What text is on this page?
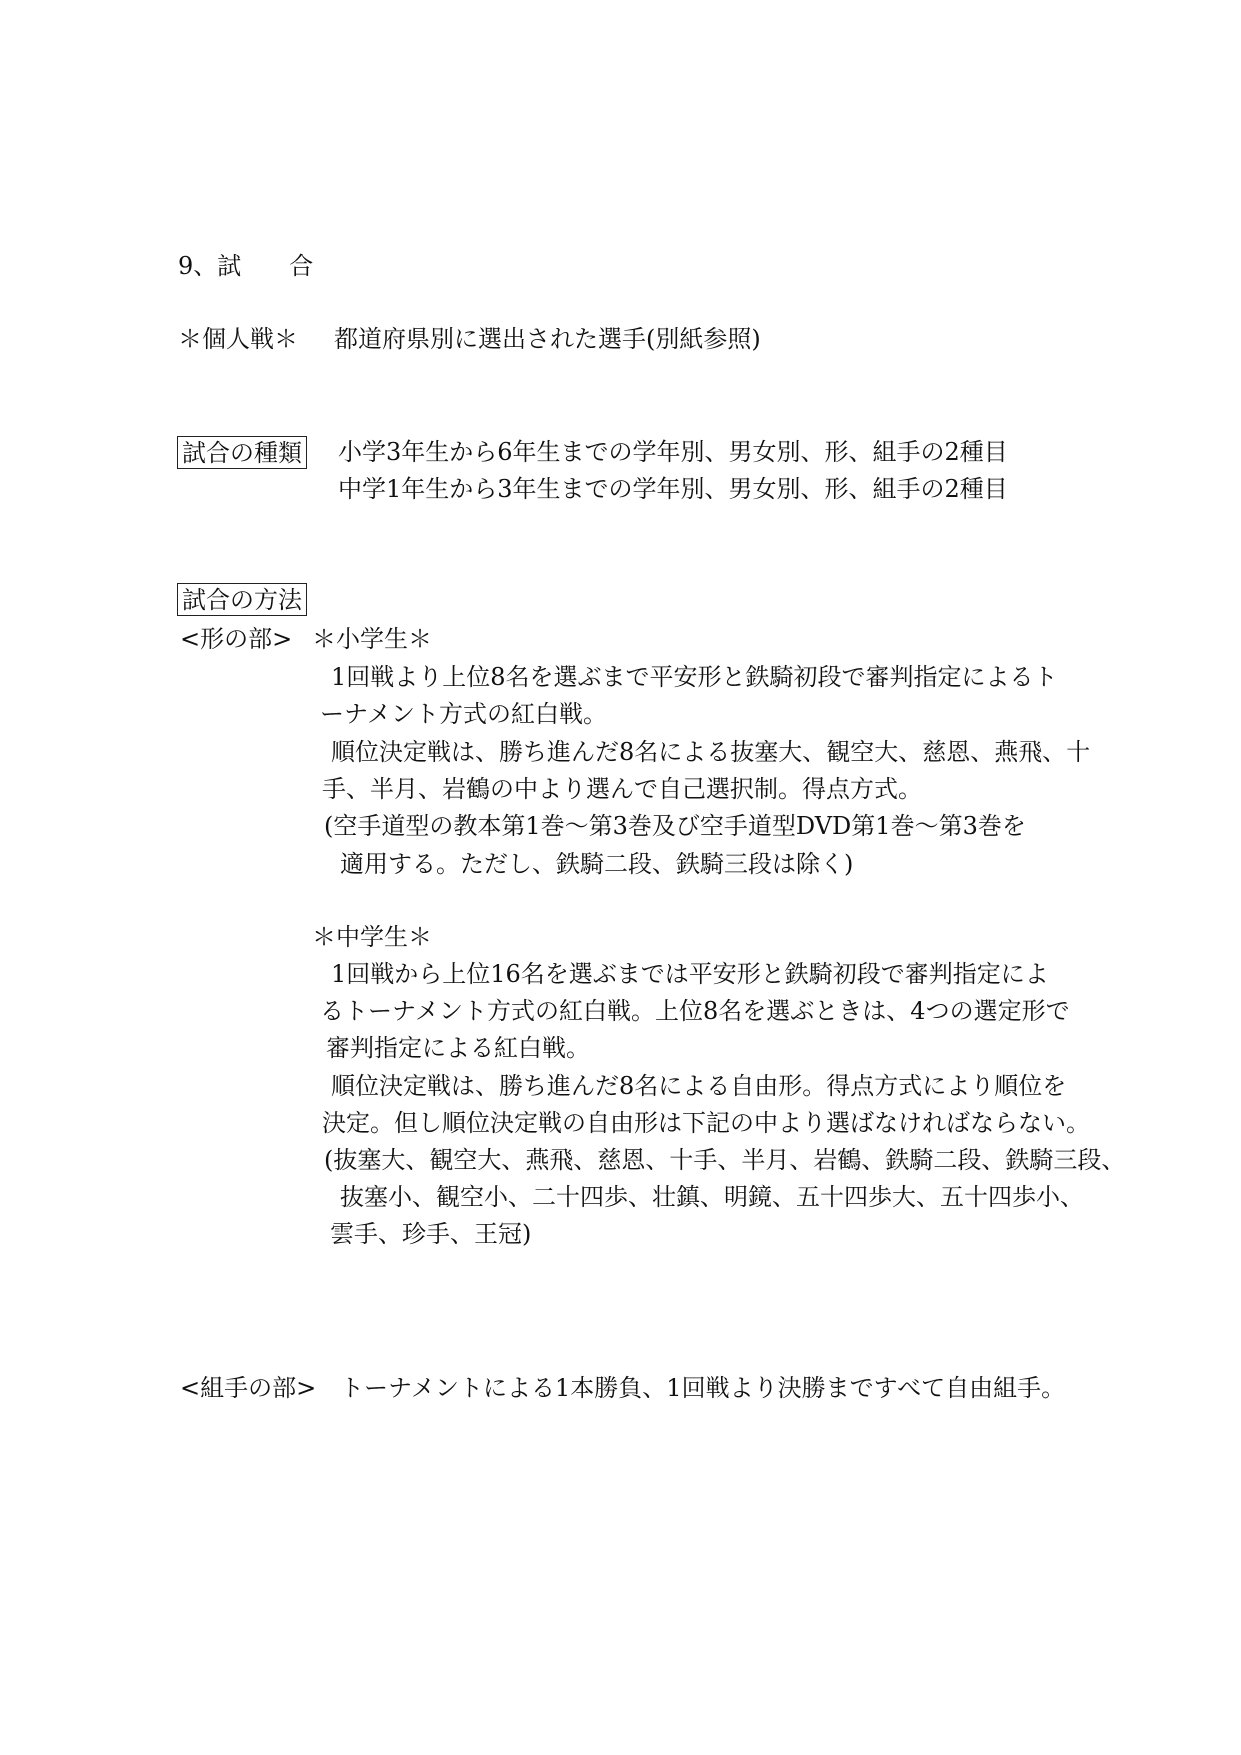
9、試　　合
＊個人戦＊ 都道府県別に選出された選手(別紙参照)
試合の種類 小学3年生から6年生までの学年別、男女別、形、組手の2種目
中学1年生から3年生までの学年別、男女別、形、組手の2種目
試合の方法
<形の部> ＊小学生＊
1回戦より上位8名を選ぶまで平安形と鉄騎初段で審判指定によるト
ーナメント方式の紅白戦。
順位決定戦は、勝ち進んだ8名による抜塞大、観空大、慈恩、燕飛、十
手、半月、岩鶴の中より選んで自己選択制。得点方式。
(空手道型の教本第1巻～第3巻及び空手道型DVD第1巻～第3巻を
適用する。ただし、鉄騎二段、鉄騎三段は除く)
＊中学生＊
1回戦から上位16名を選ぶまでは平安形と鉄騎初段で審判指定によ
るトーナメント方式の紅白戦。上位8名を選ぶときは、4つの選定形で
審判指定による紅白戦。
順位決定戦は、勝ち進んだ8名による自由形。得点方式により順位を
決定。但し順位決定戦の自由形は下記の中より選ばなければならない。
(抜塞大、観空大、燕飛、慈恩、十手、半月、岩鶴、鉄騎二段、鉄騎三段、
抜塞小、観空小、二十四歩、壮鎮、明鏡、五十四歩大、五十四歩小、
雲手、珍手、王冠)
<組手の部> トーナメントによる1本勝負、1回戦より決勝まですべて自由組手。
